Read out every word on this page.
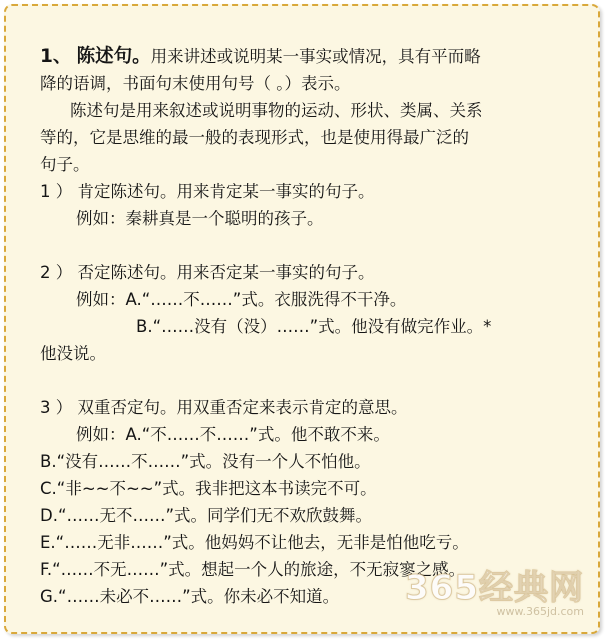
1、 陈述句。用来讲述或说明某一事实或情况，具有平而略
降的语调，书面句末使用句号（ 。）表示。
陈述句是用来叙述或说明事物的运动、形状、类属、关系
等的，它是思维的最一般的表现形式，也是使用得最广泛的
句子。
1 ） 肯定陈述句。用来肯定某一事实的句子。
例如：秦耕真是一个聪明的孩子。
2 ） 否定陈述句。用来否定某一事实的句子。
例如：A.“……不……”式。衣服洗得不干净。
B.“……没有（没）……”式。他没有做完作业。*
他没说。
3 ） 双重否定句。用双重否定来表示肯定的意思。
例如：A.“不……不……”式。他不敢不来。
B.“没有……不……”式。没有一个人不怕他。
C.“非~~不~~”式。我非把这本书读完不可。
D.“……无不……”式。同学们无不欢欣鼓舞。
E.“……无非……”式。他妈妈不让他去，无非是怕他吃亏。
F.“……不无……”式。想起一个人的旅途，不无寂寥之感。
G.“……未必不……”式。你未必不知道。	365经典网
www.365jd.com
